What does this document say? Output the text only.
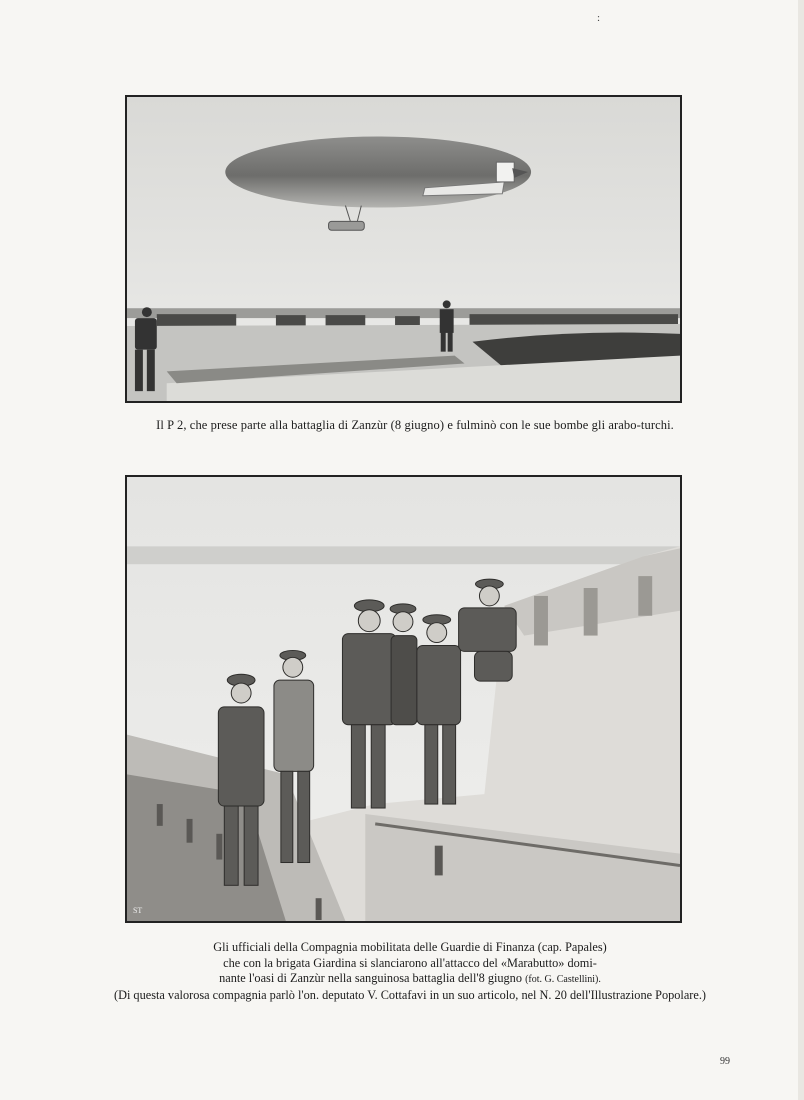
:
Il P 2, che prese parte alla battaglia di Zanzùr (8 giugno) e fulminò con le sue bombe gli arabo-turchi.
ST
Gli ufficiali della Compagnia mobilitata delle Guardie di Finanza (cap. Papales)
che con la brigata Giardina si slanciarono all'attacco del «Marabutto» domi-
nante l'oasi di Zanzùr nella sanguinosa battaglia dell'8 giugno (fot. G. Castellini).
(Di questa valorosa compagnia parlò l'on. deputato V. Cottafavi in un suo articolo, nel N. 20 dell'Illustrazione Popolare.)
99
